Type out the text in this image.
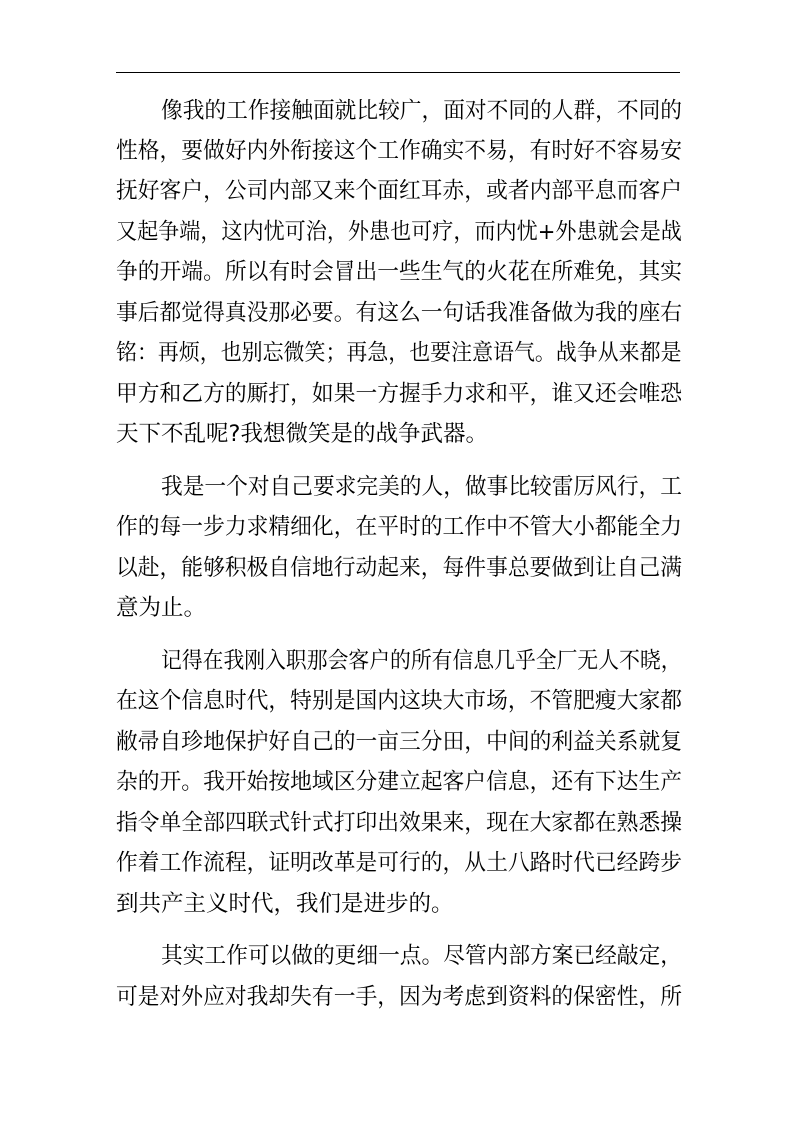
像我的工作接触面就比较广，面对不同的人群，不同的
性格，要做好内外衔接这个工作确实不易，有时好不容易安
抚好客户，公司内部又来个面红耳赤，或者内部平息而客户
又起争端，这内忧可治，外患也可疗，而内忧+外患就会是战
争的开端。所以有时会冒出一些生气的火花在所难免，其实
事后都觉得真没那必要。有这么一句话我准备做为我的座右
铭：再烦，也别忘微笑；再急，也要注意语气。战争从来都是
甲方和乙方的厮打，如果一方握手力求和平，谁又还会唯恐
天下不乱呢?我想微笑是的战争武器。
我是一个对自己要求完美的人，做事比较雷厉风行，工
作的每一步力求精细化，在平时的工作中不管大小都能全力
以赴，能够积极自信地行动起来，每件事总要做到让自己满
意为止。
记得在我刚入职那会客户的所有信息几乎全厂无人不晓，
在这个信息时代，特别是国内这块大市场，不管肥瘦大家都
敝帚自珍地保护好自己的一亩三分田，中间的利益关系就复
杂的开。我开始按地域区分建立起客户信息，还有下达生产
指令单全部四联式针式打印出效果来，现在大家都在熟悉操
作着工作流程，证明改革是可行的，从土八路时代已经跨步
到共产主义时代，我们是进步的。
其实工作可以做的更细一点。尽管内部方案已经敲定，
可是对外应对我却失有一手，因为考虑到资料的保密性，所
